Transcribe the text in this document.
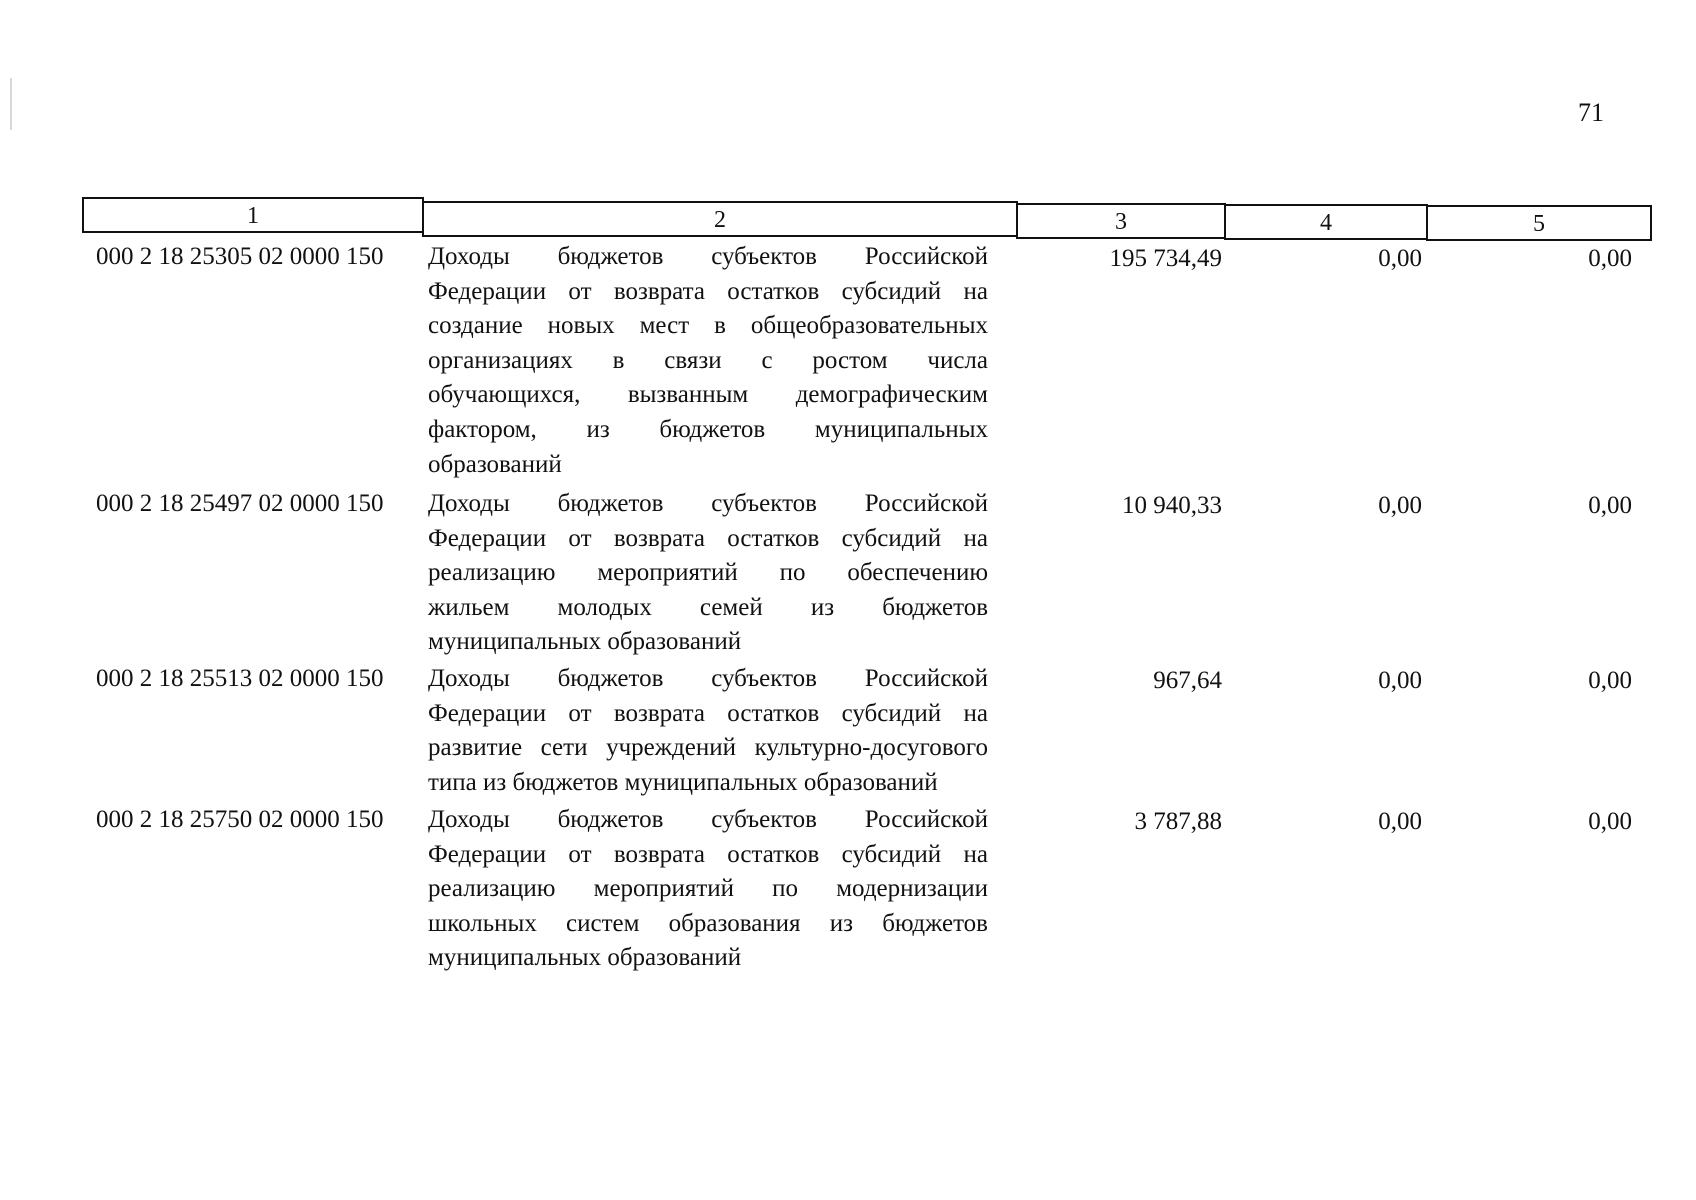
71
1	2	3	4	5
000 2 18 25305 02 0000 150	Доходы бюджетов субъектов Российской
Федерации от возврата остатков субсидий на
создание новых мест в общеобразовательных
организациях в связи с ростом числа
обучающихся, вызванным демографическим
фактором, из бюджетов муниципальных
образований
195 734,49	0,00	0,00
000 2 18 25497 02 0000 150	Доходы бюджетов субъектов Российской
Федерации от возврата остатков субсидий на
реализацию мероприятий по обеспечению
жильем молодых семей из бюджетов
муниципальных образований
10 940,33	0,00	0,00
000 2 18 25513 02 0000 150	Доходы бюджетов субъектов Российской
Федерации от возврата остатков субсидий на
развитие сети учреждений культурно-досугового
типа из бюджетов муниципальных образований
967,64	0,00	0,00
000 2 18 25750 02 0000 150	Доходы бюджетов субъектов Российской
Федерации от возврата остатков субсидий на
реализацию мероприятий по модернизации
школьных систем образования из бюджетов
муниципальных образований
3 787,88	0,00	0,00
